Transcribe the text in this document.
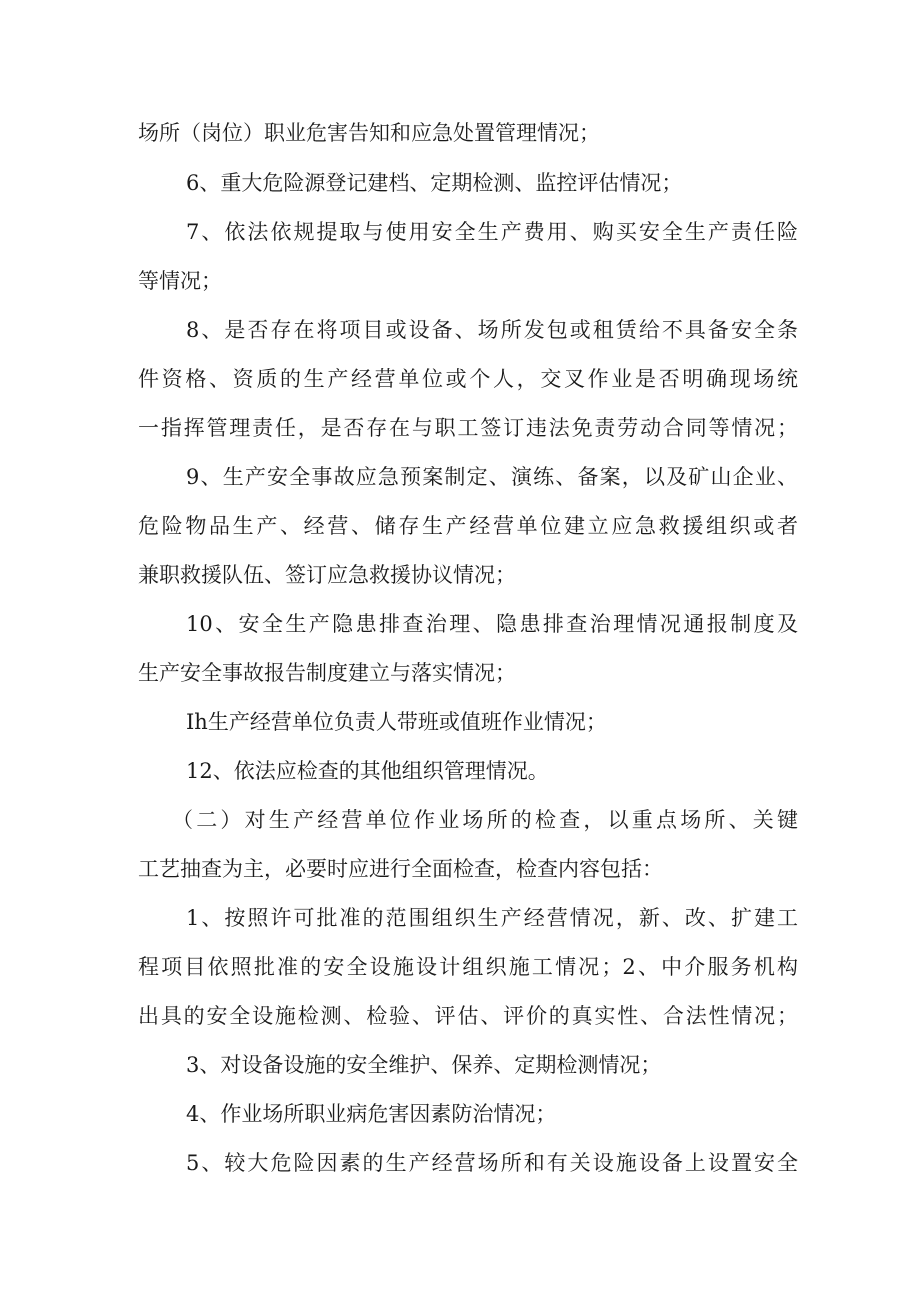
场所（岗位）职业危害告知和应急处置管理情况；
6、重大危险源登记建档、定期检测、监控评估情况；
7、依法依规提取与使用安全生产费用、购买安全生产责任险
等情况；
8、是否存在将项目或设备、场所发包或租赁给不具备安全条
件资格、资质的生产经营单位或个人，交叉作业是否明确现场统
一指挥管理责任，是否存在与职工签订违法免责劳动合同等情况；
9、生产安全事故应急预案制定、演练、备案，以及矿山企业、
危险物品生产、经营、储存生产经营单位建立应急救援组织或者
兼职救援队伍、签订应急救援协议情况；
10、安全生产隐患排查治理、隐患排查治理情况通报制度及
生产安全事故报告制度建立与落实情况；
Ih生产经营单位负责人带班或值班作业情况；
12、依法应检查的其他组织管理情况。
（二）对生产经营单位作业场所的检查，以重点场所、关键
工艺抽查为主，必要时应进行全面检查，检查内容包括：
1、按照许可批准的范围组织生产经营情况，新、改、扩建工
程项目依照批准的安全设施设计组织施工情况；2、中介服务机构
出具的安全设施检测、检验、评估、评价的真实性、合法性情况；
3、对设备设施的安全维护、保养、定期检测情况；
4、作业场所职业病危害因素防治情况；
5、较大危险因素的生产经营场所和有关设施设备上设置安全
